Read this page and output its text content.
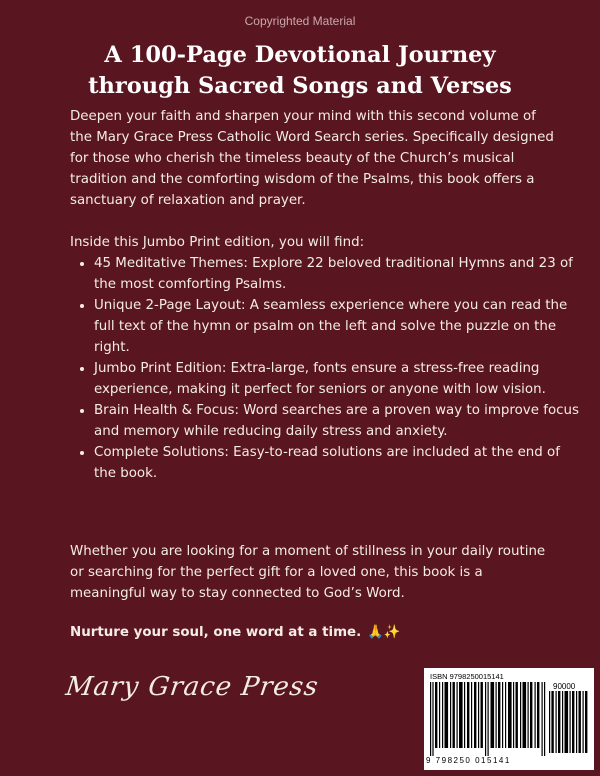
Copyrighted Material
A 100-Page Devotional Journey
through Sacred Songs and Verses

Deepen your faith and sharpen your mind with this second volume of the Mary Grace Press Catholic Word Search series. Specifically designed for those who cherish the timeless beauty of the Church’s musical tradition and the comforting wisdom of the Psalms, this book offers a sanctuary of relaxation and prayer.

Inside this Jumbo Print edition, you will find:

• 45 Meditative Themes: Explore 22 beloved traditional Hymns and 23 of the most comforting Psalms.
• Unique 2-Page Layout: A seamless experience where you can read the full text of the hymn or psalm on the left and solve the puzzle on the right.
• Jumbo Print Edition: Extra-large, fonts ensure a stress-free reading experience, making it perfect for seniors or anyone with low vision.
• Brain Health & Focus: Word searches are a proven way to improve focus and memory while reducing daily stress and anxiety.
• Complete Solutions: Easy-to-read solutions are included at the end of the book.

Whether you are looking for a moment of stillness in your daily routine or searching for the perfect gift for a loved one, this book is a meaningful way to stay connected to God’s Word.

Nurture your soul, one word at a time. 🙏✨

Mary Grace Press	ISBN 9798250015141
90000
9 798250 015141
